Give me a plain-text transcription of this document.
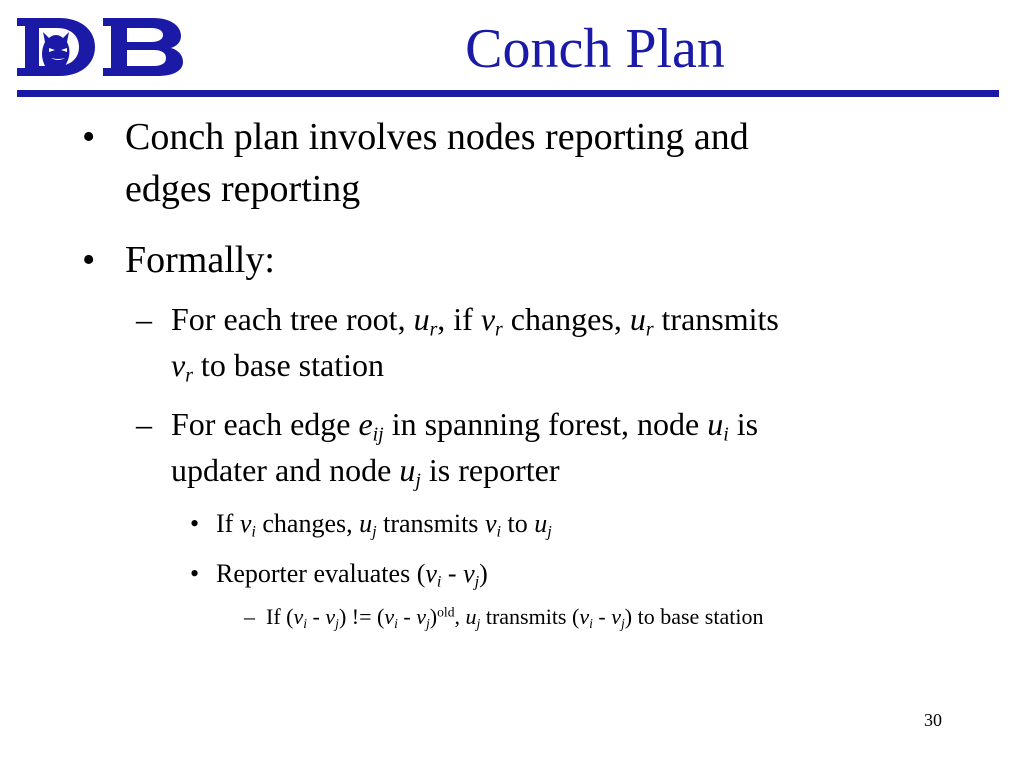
Conch Plan
• Conch plan involves nodes reporting and
edges reporting
• Formally:
– For each tree root, $u_r$, if $v_r$ changes, $u_r$ transmits
$v_r$ to base station
– For each edge $e_{ij}$ in spanning forest, node $u_i$ is
updater and node $u_j$ is reporter
• If $v_i$ changes, $u_j$ transmits $v_i$ to $u_j$
• Reporter evaluates $(v_i - v_j)$
– If $(v_i - v_j)$ != $(v_i - v_j)^{old}$, $u_j$ transmits $(v_i - v_j)$ to base station
30
